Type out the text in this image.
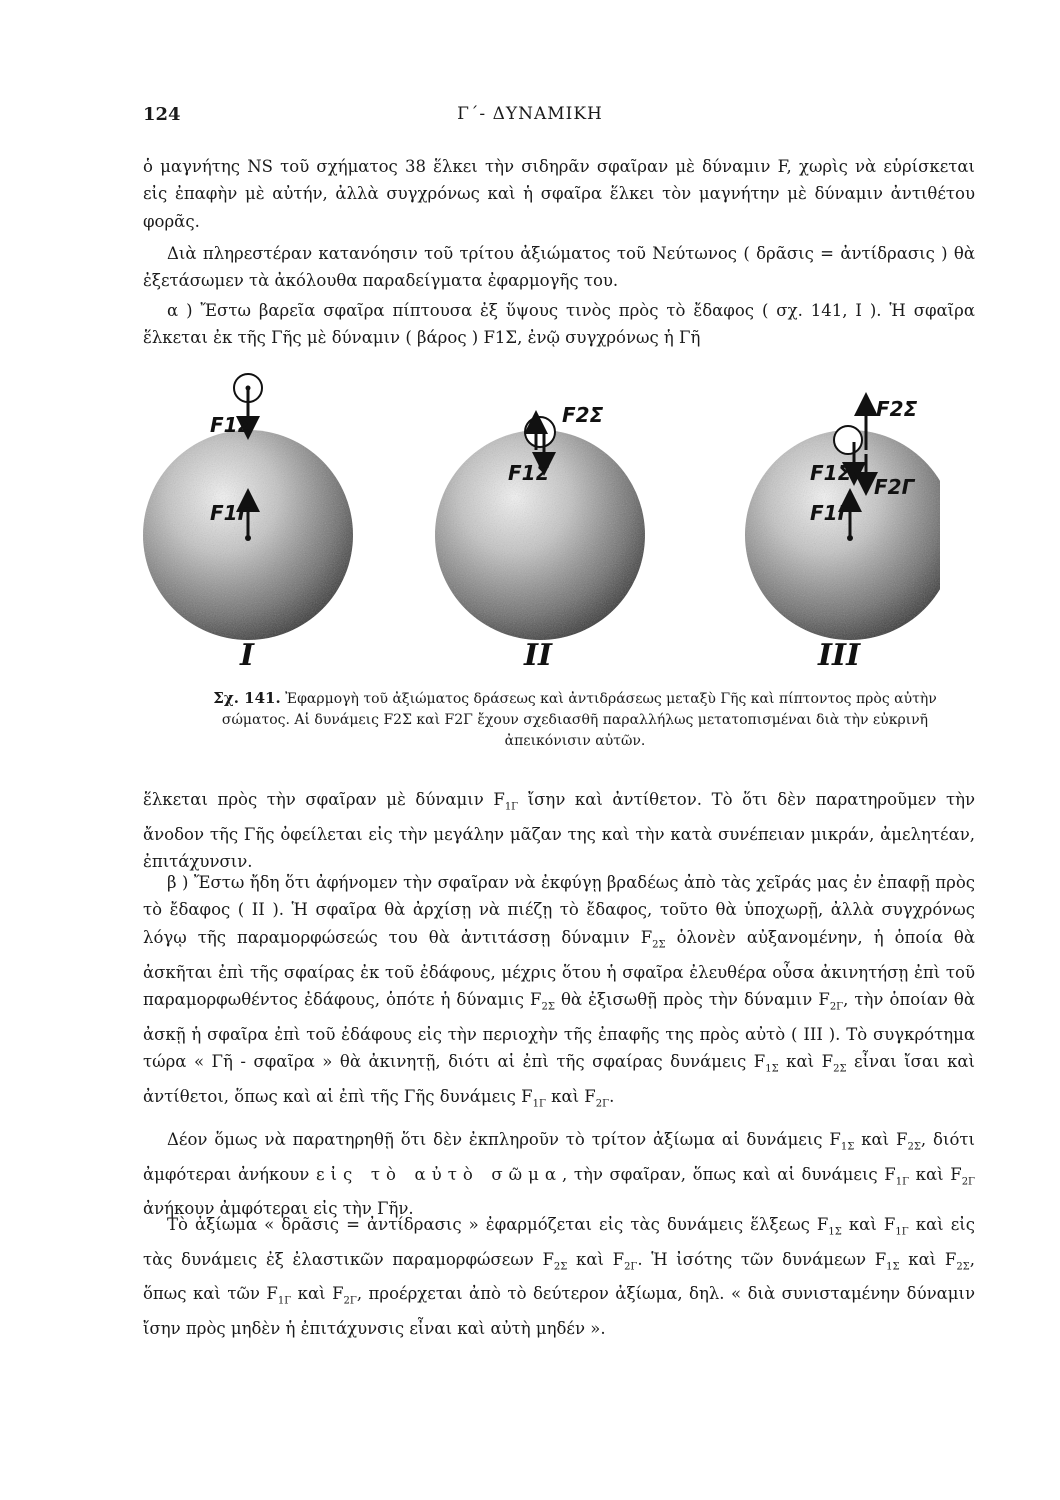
124	Γ΄- ΔΥΝΑΜΙΚΗ

ὁ μαγνήτης NS τοῦ σχήματος 38 ἕλκει τὴν σιδηρᾶν σφαῖραν μὲ δύναμιν F, χωρὶς νὰ εὑρίσκεται εἰς ἐπαφὴν μὲ αὐτήν, ἀλλὰ συγχρόνως καὶ ἡ σφαῖρα ἕλκει τὸν μαγνήτην μὲ δύναμιν ἀντιθέτου φορᾶς.

Διὰ πληρεστέραν κατανόησιν τοῦ τρίτου ἀξιώματος τοῦ Νεύτωνος ( δρᾶσις = ἀντίδρασις ) θὰ ἐξετάσωμεν τὰ ἀκόλουθα παραδείγματα ἐφαρμογῆς του.

α ) Ἔστω βαρεῖα σφαῖρα πίπτουσα ἐξ ὕψους τινὸς πρὸς τὸ ἔδαφος ( σχ. 141, I ). Ἡ σφαῖρα ἕλκεται ἐκ τῆς Γῆς μὲ δύναμιν ( βάρος ) F1Σ, ἐνῷ συγχρόνως ἡ Γῆ

F1Σ
F1Γ
I
F2Σ
F1Σ
II
F2Σ
F1Σ
F2Γ
F1Γ
III
Σχ. 141. Ἐφαρμογὴ τοῦ ἀξιώματος δράσεως καὶ ἀντιδράσεως μεταξὺ Γῆς καὶ πίπτοντος πρὸς αὐτὴν σώματος. Αἱ δυνάμεις F2Σ καὶ F2Γ ἔχουν σχεδιασθῆ παραλλήλως μετατοπισμέναι διὰ τὴν εὐκρινῆ ἀπεικόνισιν αὐτῶν.

ἕλκεται πρὸς τὴν σφαῖραν μὲ δύναμιν $F_{1\Gamma}$ ἴσην καὶ ἀντίθετον. Τὸ ὅτι δὲν παρατηροῦμεν τὴν ἄνοδον τῆς Γῆς ὀφείλεται εἰς τὴν μεγάλην μᾶζαν της καὶ τὴν κατὰ συνέπειαν μικράν, ἀμελητέαν, ἐπιτάχυνσιν.

β ) Ἔστω ἤδη ὅτι ἀφήνομεν τὴν σφαῖραν νὰ ἐκφύγῃ βραδέως ἀπὸ τὰς χεῖράς μας ἐν ἐπαφῇ πρὸς τὸ ἔδαφος ( II ). Ἡ σφαῖρα θὰ ἀρχίσῃ νὰ πιέζῃ τὸ ἔδαφος, τοῦτο θὰ ὑποχωρῇ, ἀλλὰ συγχρόνως λόγῳ τῆς παραμορφώσεώς του θὰ ἀντιτάσσῃ δύναμιν $F_{2\Sigma}$ ὁλονὲν αὐξανομένην, ἡ ὁποία θὰ ἀσκῆται ἐπὶ τῆς σφαίρας ἐκ τοῦ ἐδάφους, μέχρις ὅτου ἡ σφαῖρα ἐλευθέρα οὖσα ἀκινητήσῃ ἐπὶ τοῦ παραμορφωθέντος ἐδάφους, ὁπότε ἡ δύναμις $F_{2\Sigma}$ θὰ ἐξισωθῇ πρὸς τὴν δύναμιν $F_{2\Gamma}$, τὴν ὁποίαν θὰ ἀσκῇ ἡ σφαῖρα ἐπὶ τοῦ ἐδάφους εἰς τὴν περιοχὴν τῆς ἐπαφῆς της πρὸς αὐτὸ ( III ). Τὸ συγκρότημα τώρα « Γῆ - σφαῖρα » θὰ ἀκινητῇ, διότι αἱ ἐπὶ τῆς σφαίρας δυνάμεις $F_{1\Sigma}$ καὶ $F_{2\Sigma}$ εἶναι ἴσαι καὶ ἀντίθετοι, ὅπως καὶ αἱ ἐπὶ τῆς Γῆς δυνάμεις $F_{1\Gamma}$ καὶ $F_{2\Gamma}$.

Δέον ὅμως νὰ παρατηρηθῇ ὅτι δὲν ἐκπληροῦν τὸ τρίτον ἀξίωμα αἱ δυνάμεις $F_{1\Sigma}$ καὶ $F_{2\Sigma}$, διότι ἀμφότεραι ἀνήκουν εἰς τὸ αὐτὸ σῶμα, τὴν σφαῖραν, ὅπως καὶ αἱ δυνάμεις $F_{1\Gamma}$ καὶ $F_{2\Gamma}$ ἀνήκουν ἀμφότεραι εἰς τὴν Γῆν.

Τὸ ἀξίωμα « δρᾶσις = ἀντίδρασις » ἐφαρμόζεται εἰς τὰς δυνάμεις ἕλξεως $F_{1\Sigma}$ καὶ $F_{1\Gamma}$ καὶ εἰς τὰς δυνάμεις ἐξ ἐλαστικῶν παραμορφώσεων $F_{2\Sigma}$ καὶ $F_{2\Gamma}$. Ἡ ἰσότης τῶν δυνάμεων $F_{1\Sigma}$ καὶ $F_{2\Sigma}$, ὅπως καὶ τῶν $F_{1\Gamma}$ καὶ $F_{2\Gamma}$, προέρχεται ἀπὸ τὸ δεύτερον ἀξίωμα, δηλ. « διὰ συνισταμένην δύναμιν ἴσην πρὸς μηδὲν ἡ ἐπιτάχυνσις εἶναι καὶ αὐτὴ μηδέν ».
